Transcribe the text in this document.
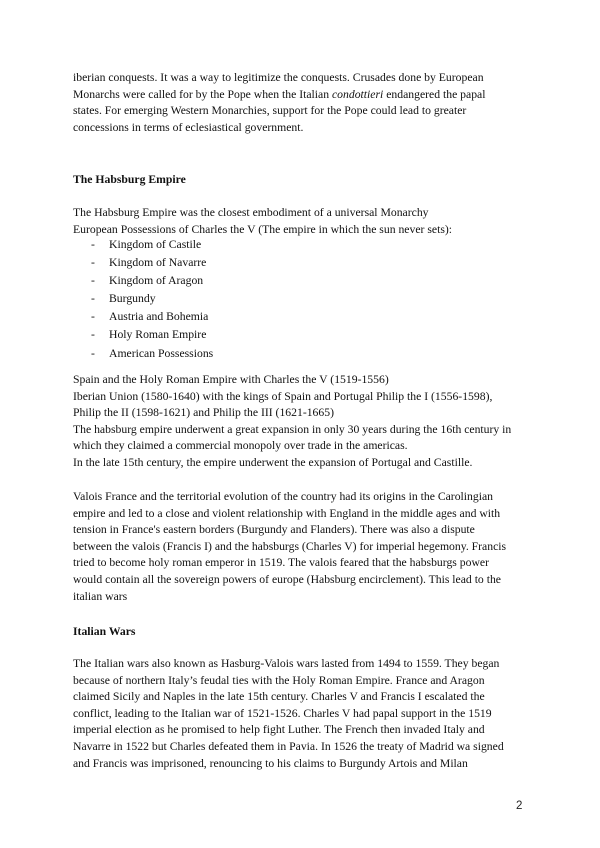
iberian conquests. It was a way to legitimize the conquests. Crusades done by European
Monarchs were called for by the Pope when the Italian condottieri endangered the papal
states. For emerging Western Monarchies, support for the Pope could lead to greater
concessions in terms of eclesiastical government.
The Habsburg Empire
The Habsburg Empire was the closest embodiment of a universal Monarchy
European Possessions of Charles the V (The empire in which the sun never sets):
- Kingdom of Castile
- Kingdom of Navarre
- Kingdom of Aragon
- Burgundy
- Austria and Bohemia
- Holy Roman Empire
- American Possessions
Spain and the Holy Roman Empire with Charles the V (1519-1556)
Iberian Union (1580-1640) with the kings of Spain and Portugal Philip the I (1556-1598),
Philip the II (1598-1621) and Philip the III (1621-1665)
The habsburg empire underwent a great expansion in only 30 years during the 16th century in
which they claimed a commercial monopoly over trade in the americas.
In the late 15th century, the empire underwent the expansion of Portugal and Castille.
Valois France and the territorial evolution of the country had its origins in the Carolingian
empire and led to a close and violent relationship with England in the middle ages and with
tension in France's eastern borders (Burgundy and Flanders). There was also a dispute
between the valois (Francis I) and the habsburgs (Charles V) for imperial hegemony. Francis
tried to become holy roman emperor in 1519. The valois feared that the habsburgs power
would contain all the sovereign powers of europe (Habsburg encirclement). This lead to the
italian wars
Italian Wars
The Italian wars also known as Hasburg-Valois wars lasted from 1494 to 1559. They began
because of northern Italy’s feudal ties with the Holy Roman Empire. France and Aragon
claimed Sicily and Naples in the late 15th century. Charles V and Francis I escalated the
conflict, leading to the Italian war of 1521-1526. Charles V had papal support in the 1519
imperial election as he promised to help fight Luther. The French then invaded Italy and
Navarre in 1522 but Charles defeated them in Pavia. In 1526 the treaty of Madrid wa signed
and Francis was imprisoned, renouncing to his claims to Burgundy Artois and Milan
2
